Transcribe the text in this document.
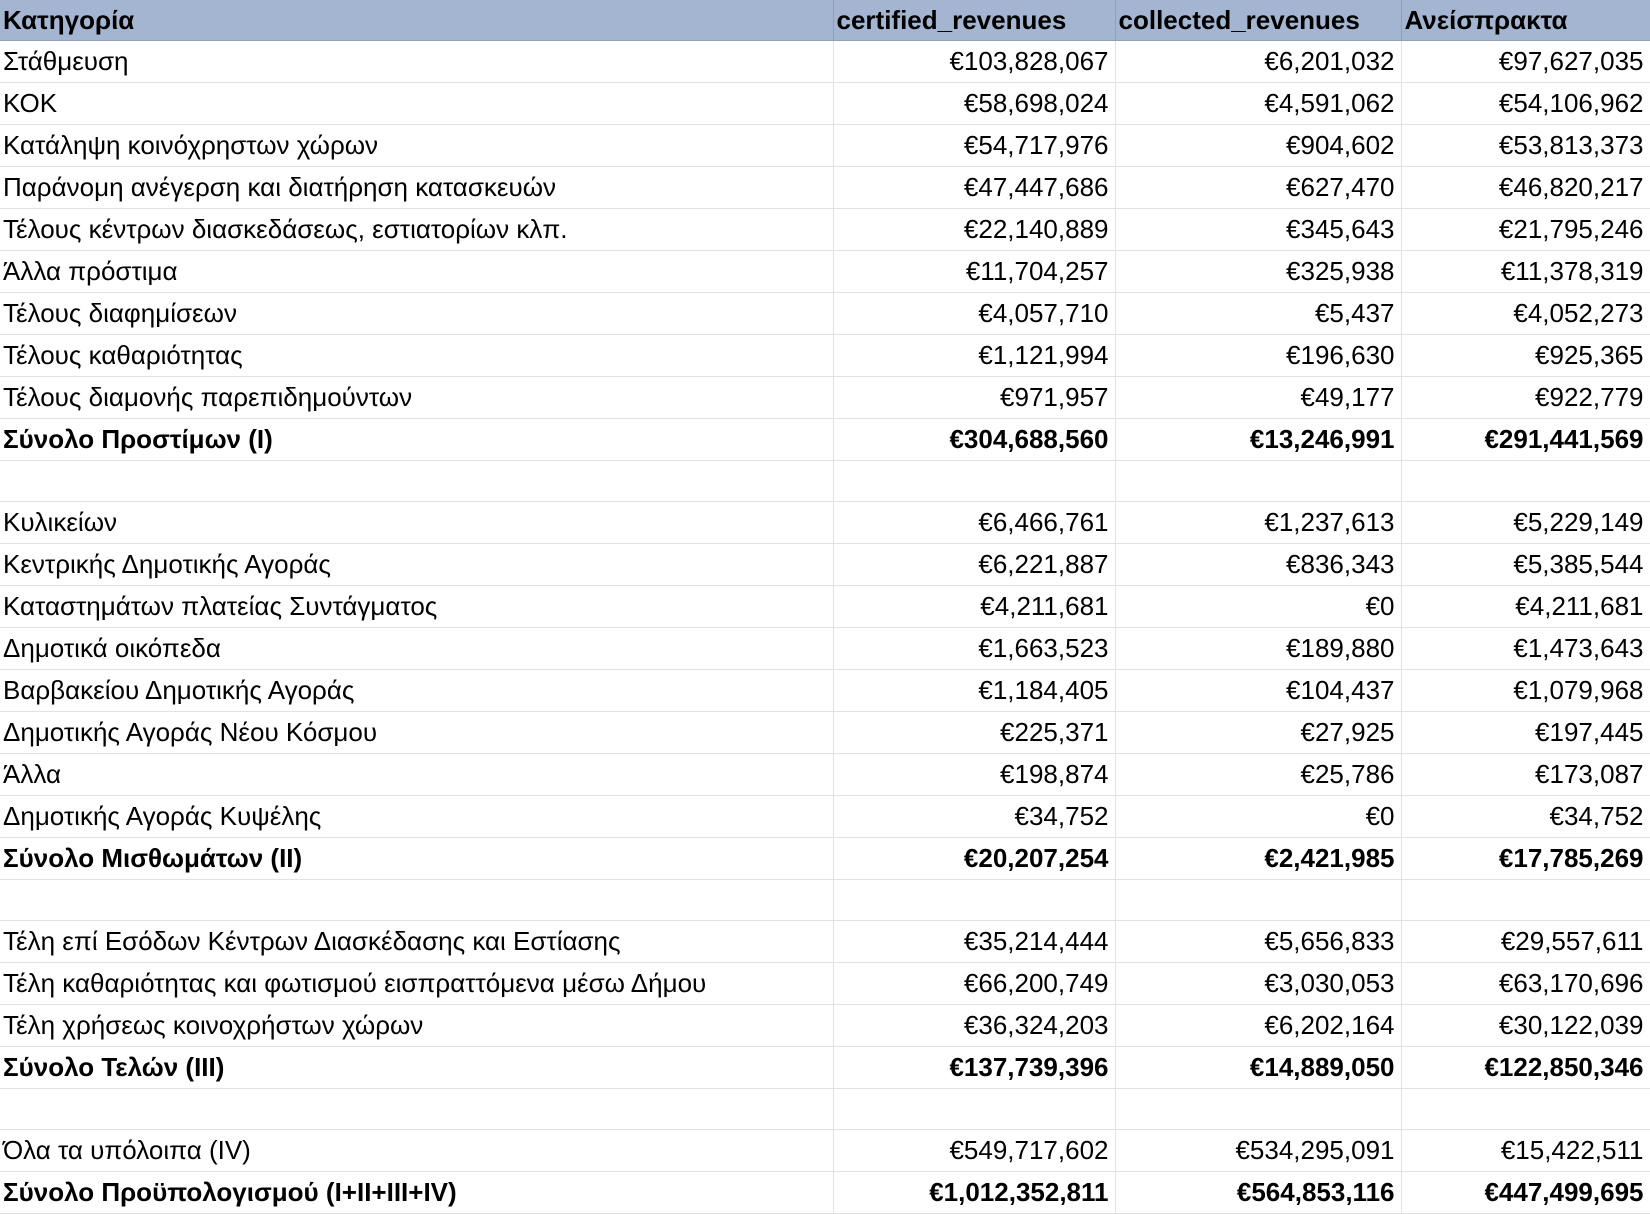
Κατηγορία	certified_revenues	collected_revenues	Ανείσπρακτα
Στάθμευση	€103,828,067	€6,201,032	€97,627,035
ΚΟΚ	€58,698,024	€4,591,062	€54,106,962
Κατάληψη κοινόχρηστων χώρων	€54,717,976	€904,602	€53,813,373
Παράνομη ανέγερση και διατήρηση κατασκευών	€47,447,686	€627,470	€46,820,217
Τέλους κέντρων διασκεδάσεως, εστιατορίων κλπ.	€22,140,889	€345,643	€21,795,246
Άλλα πρόστιμα	€11,704,257	€325,938	€11,378,319
Τέλους διαφημίσεων	€4,057,710	€5,437	€4,052,273
Τέλους καθαριότητας	€1,121,994	€196,630	€925,365
Τέλους διαμονής παρεπιδημούντων	€971,957	€49,177	€922,779
Σύνολο Προστίμων (Ι)	€304,688,560	€13,246,991	€291,441,569

Κυλικείων	€6,466,761	€1,237,613	€5,229,149
Κεντρικής Δημοτικής Αγοράς	€6,221,887	€836,343	€5,385,544
Καταστημάτων πλατείας Συντάγματος	€4,211,681	€0	€4,211,681
Δημοτικά οικόπεδα	€1,663,523	€189,880	€1,473,643
Βαρβακείου Δημοτικής Αγοράς	€1,184,405	€104,437	€1,079,968
Δημοτικής Αγοράς Νέου Κόσμου	€225,371	€27,925	€197,445
Άλλα	€198,874	€25,786	€173,087
Δημοτικής Αγοράς Κυψέλης	€34,752	€0	€34,752
Σύνολο Μισθωμάτων (ΙΙ)	€20,207,254	€2,421,985	€17,785,269

Τέλη επί Εσόδων Κέντρων Διασκέδασης και Εστίασης	€35,214,444	€5,656,833	€29,557,611
Τέλη καθαριότητας και φωτισμού εισπραττόμενα μέσω Δήμου	€66,200,749	€3,030,053	€63,170,696
Τέλη χρήσεως κοινοχρήστων χώρων	€36,324,203	€6,202,164	€30,122,039
Σύνολο Τελών (ΙΙΙ)	€137,739,396	€14,889,050	€122,850,346

Όλα τα υπόλοιπα (IV)	€549,717,602	€534,295,091	€15,422,511
Σύνολο Προϋπολογισμού (Ι+ΙΙ+ΙΙΙ+IV)	€1,012,352,811	€564,853,116	€447,499,695
